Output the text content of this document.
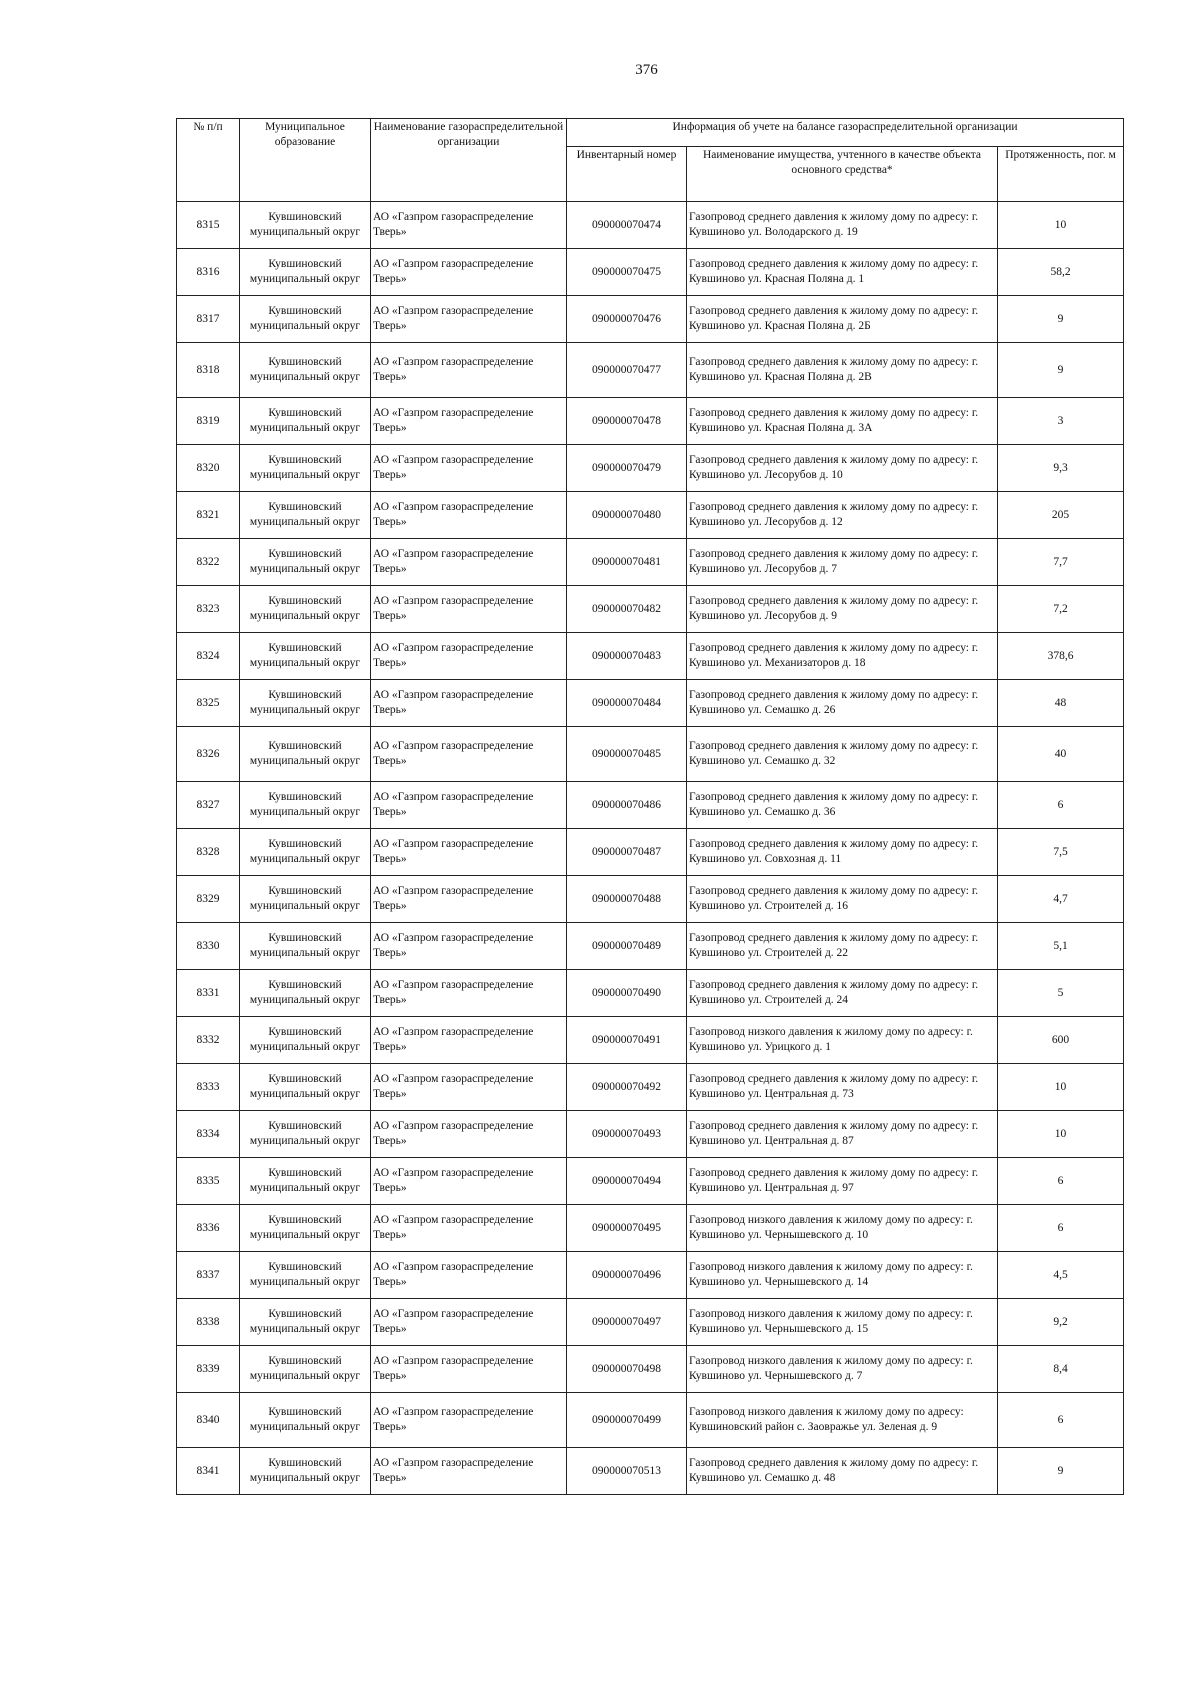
376
№ п/п	Муниципальное образование	Наименование газораспределительной организации	Информация об учете на балансе газораспределительной организации		
			Инвентарный номер	Наименование имущества, учтенного в качестве объекта основного средства*	Протяженность, пог. м
8315	Кувшиновский муниципальный округ	АО «Газпром газораспределение Тверь»	090000070474	Газопровод среднего давления к жилому дому по адресу: г. Кувшиново ул. Володарского д. 19	10
8316	Кувшиновский муниципальный округ	АО «Газпром газораспределение Тверь»	090000070475	Газопровод среднего давления к жилому дому по адресу: г. Кувшиново ул. Красная Поляна д. 1	58,2
8317	Кувшиновский муниципальный округ	АО «Газпром газораспределение Тверь»	090000070476	Газопровод среднего давления к жилому дому по адресу: г. Кувшиново ул. Красная Поляна д. 2Б	9
8318	Кувшиновский муниципальный округ	АО «Газпром газораспределение Тверь»	090000070477	Газопровод среднего давления к жилому дому по адресу: г. Кувшиново ул. Красная Поляна д. 2В	9
8319	Кувшиновский муниципальный округ	АО «Газпром газораспределение Тверь»	090000070478	Газопровод среднего давления к жилому дому по адресу: г. Кувшиново ул. Красная Поляна д. 3А	3
8320	Кувшиновский муниципальный округ	АО «Газпром газораспределение Тверь»	090000070479	Газопровод среднего давления к жилому дому по адресу: г. Кувшиново ул. Лесорубов д. 10	9,3
8321	Кувшиновский муниципальный округ	АО «Газпром газораспределение Тверь»	090000070480	Газопровод среднего давления к жилому дому по адресу: г. Кувшиново ул. Лесорубов д. 12	205
8322	Кувшиновский муниципальный округ	АО «Газпром газораспределение Тверь»	090000070481	Газопровод среднего давления к жилому дому по адресу: г. Кувшиново ул. Лесорубов д. 7	7,7
8323	Кувшиновский муниципальный округ	АО «Газпром газораспределение Тверь»	090000070482	Газопровод среднего давления к жилому дому по адресу: г. Кувшиново ул. Лесорубов д. 9	7,2
8324	Кувшиновский муниципальный округ	АО «Газпром газораспределение Тверь»	090000070483	Газопровод среднего давления к жилому дому по адресу: г. Кувшиново ул. Механизаторов д. 18	378,6
8325	Кувшиновский муниципальный округ	АО «Газпром газораспределение Тверь»	090000070484	Газопровод среднего давления к жилому дому по адресу: г. Кувшиново ул. Семашко д. 26	48
8326	Кувшиновский муниципальный округ	АО «Газпром газораспределение Тверь»	090000070485	Газопровод среднего давления к жилому дому по адресу: г. Кувшиново ул. Семашко д. 32	40
8327	Кувшиновский муниципальный округ	АО «Газпром газораспределение Тверь»	090000070486	Газопровод среднего давления к жилому дому по адресу: г. Кувшиново ул. Семашко д. 36	6
8328	Кувшиновский муниципальный округ	АО «Газпром газораспределение Тверь»	090000070487	Газопровод среднего давления к жилому дому по адресу: г. Кувшиново ул. Совхозная д. 11	7,5
8329	Кувшиновский муниципальный округ	АО «Газпром газораспределение Тверь»	090000070488	Газопровод среднего давления к жилому дому по адресу: г. Кувшиново ул. Строителей д. 16	4,7
8330	Кувшиновский муниципальный округ	АО «Газпром газораспределение Тверь»	090000070489	Газопровод среднего давления к жилому дому по адресу: г. Кувшиново ул. Строителей д. 22	5,1
8331	Кувшиновский муниципальный округ	АО «Газпром газораспределение Тверь»	090000070490	Газопровод среднего давления к жилому дому по адресу: г. Кувшиново ул. Строителей д. 24	5
8332	Кувшиновский муниципальный округ	АО «Газпром газораспределение Тверь»	090000070491	Газопровод низкого давления к жилому дому по адресу: г. Кувшиново ул. Урицкого д. 1	600
8333	Кувшиновский муниципальный округ	АО «Газпром газораспределение Тверь»	090000070492	Газопровод среднего давления к жилому дому по адресу: г. Кувшиново ул. Центральная д. 73	10
8334	Кувшиновский муниципальный округ	АО «Газпром газораспределение Тверь»	090000070493	Газопровод среднего давления к жилому дому по адресу: г. Кувшиново ул. Центральная д. 87	10
8335	Кувшиновский муниципальный округ	АО «Газпром газораспределение Тверь»	090000070494	Газопровод среднего давления к жилому дому по адресу: г. Кувшиново ул. Центральная д. 97	6
8336	Кувшиновский муниципальный округ	АО «Газпром газораспределение Тверь»	090000070495	Газопровод низкого давления к жилому дому по адресу: г. Кувшиново ул. Чернышевского д. 10	6
8337	Кувшиновский муниципальный округ	АО «Газпром газораспределение Тверь»	090000070496	Газопровод низкого давления к жилому дому по адресу: г. Кувшиново ул. Чернышевского д. 14	4,5
8338	Кувшиновский муниципальный округ	АО «Газпром газораспределение Тверь»	090000070497	Газопровод низкого давления к жилому дому по адресу: г. Кувшиново ул. Чернышевского д. 15	9,2
8339	Кувшиновский муниципальный округ	АО «Газпром газораспределение Тверь»	090000070498	Газопровод низкого давления к жилому дому по адресу: г. Кувшиново ул. Чернышевского д. 7	8,4
8340	Кувшиновский муниципальный округ	АО «Газпром газораспределение Тверь»	090000070499	Газопровод низкого давления к жилому дому по адресу: Кувшиновский район с. Заовражье ул. Зеленая д. 9	6
8341	Кувшиновский муниципальный округ	АО «Газпром газораспределение Тверь»	090000070513	Газопровод среднего давления к жилому дому по адресу: г. Кувшиново ул. Семашко д. 48	9
